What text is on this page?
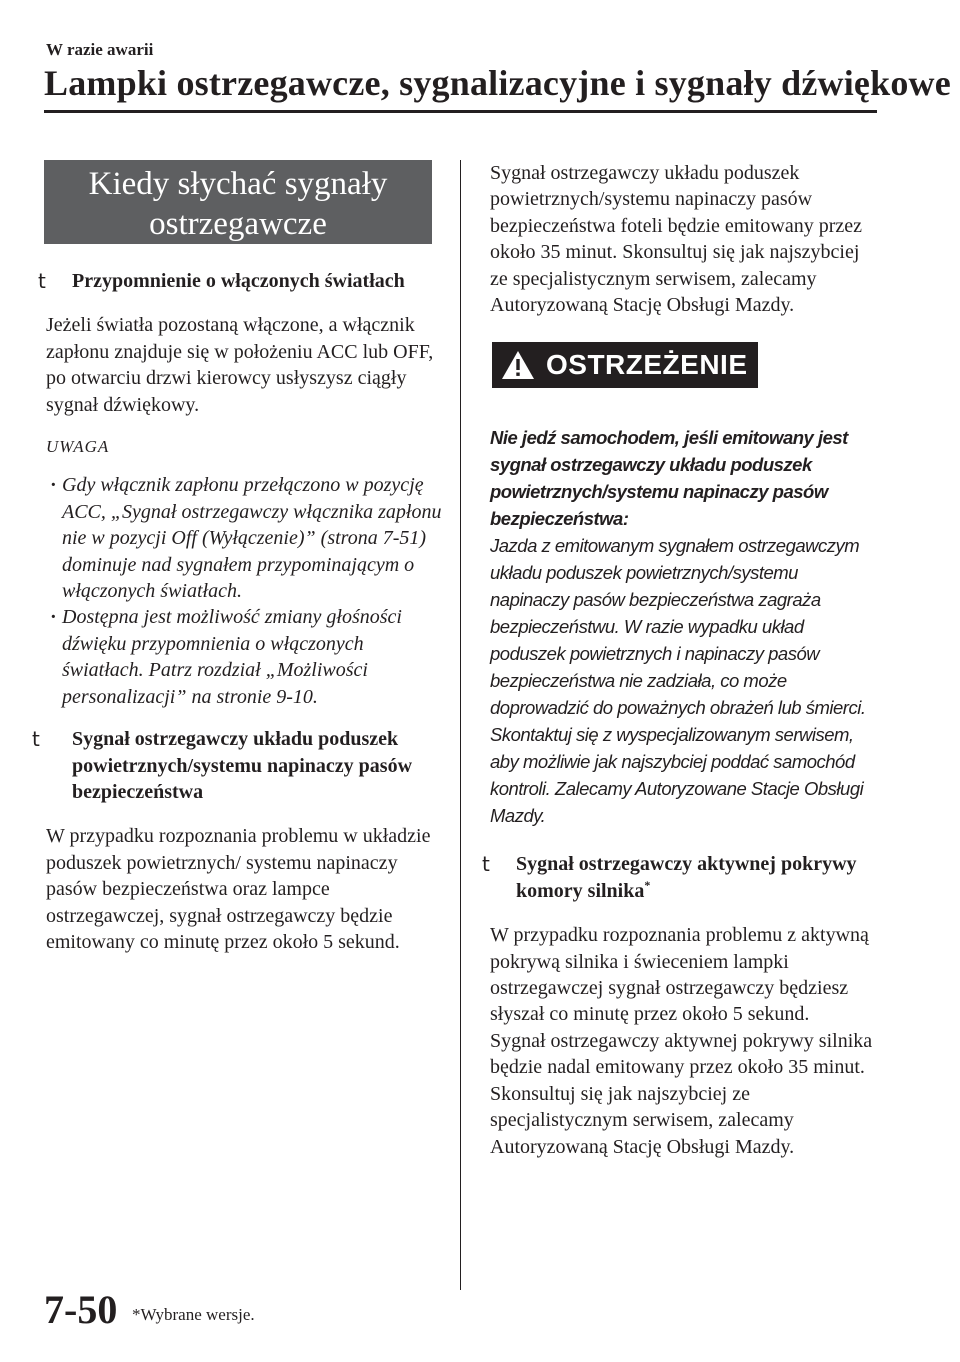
W razie awarii
Lampki ostrzegawcze, sygnalizacyjne i sygnały dźwiękowe
Kiedy słychać sygnały
ostrzegawcze
t Przypomnienie o włączonych światłach

Jeżeli światła pozostaną włączone, a włącznik zapłonu znajduje się w położeniu ACC lub OFF, po otwarciu drzwi kierowcy usłyszysz ciągły sygnał dźwiękowy.

UWAGA
· Gdy włącznik zapłonu przełączono w pozycję ACC, „Sygnał ostrzegawczy włącznika zapłonu nie w pozycji Off (Wyłączenie)” (strona 7-51) dominuje nad sygnałem przypominającym o włączonych światłach.
· Dostępna jest możliwość zmiany głośności dźwięku przypomnienia o włączonych światłach. Patrz rozdział „Możliwości personalizacji” na stronie 9-10.
t Sygnał ostrzegawczy układu poduszek powietrznych/systemu napinaczy pasów bezpieczeństwa

W przypadku rozpoznania problemu w układzie poduszek powietrznych/ systemu napinaczy pasów bezpieczeństwa oraz lampce ostrzegawczej, sygnał ostrzegawczy będzie emitowany co minutę przez około 5 sekund.

Sygnał ostrzegawczy układu poduszek powietrznych/systemu napinaczy pasów bezpieczeństwa foteli będzie emitowany przez około 35 minut. Skonsultuj się jak najszybciej ze specjalistycznym serwisem, zalecamy Autoryzowaną Stację Obsługi Mazdy.

OSTRZEŻENIE
Nie jedź samochodem, jeśli emitowany jest sygnał ostrzegawczy układu poduszek powietrznych/systemu napinaczy pasów bezpieczeństwa:
Jazda z emitowanym sygnałem ostrzegawczym układu poduszek powietrznych/systemu napinaczy pasów bezpieczeństwa zagraża bezpieczeństwu. W razie wypadku układ poduszek powietrznych i napinaczy pasów bezpieczeństwa nie zadziała, co może doprowadzić do poważnych obrażeń lub śmierci. Skontaktuj się z wyspecjalizowanym serwisem, aby możliwie jak najszybciej poddać samochód kontroli. Zalecamy Autoryzowane Stacje Obsługi Mazdy.
t Sygnał ostrzegawczy aktywnej pokrywy komory silnika*

W przypadku rozpoznania problemu z aktywną pokrywą silnika i świeceniem lampki ostrzegawczej sygnał ostrzegawczy będziesz słyszał co minutę przez około 5 sekund.

Sygnał ostrzegawczy aktywnej pokrywy silnika będzie nadal emitowany przez około 35 minut. Skonsultuj się jak najszybciej ze specjalistycznym serwisem, zalecamy Autoryzowaną Stację Obsługi Mazdy.

7-50 *Wybrane wersje.
